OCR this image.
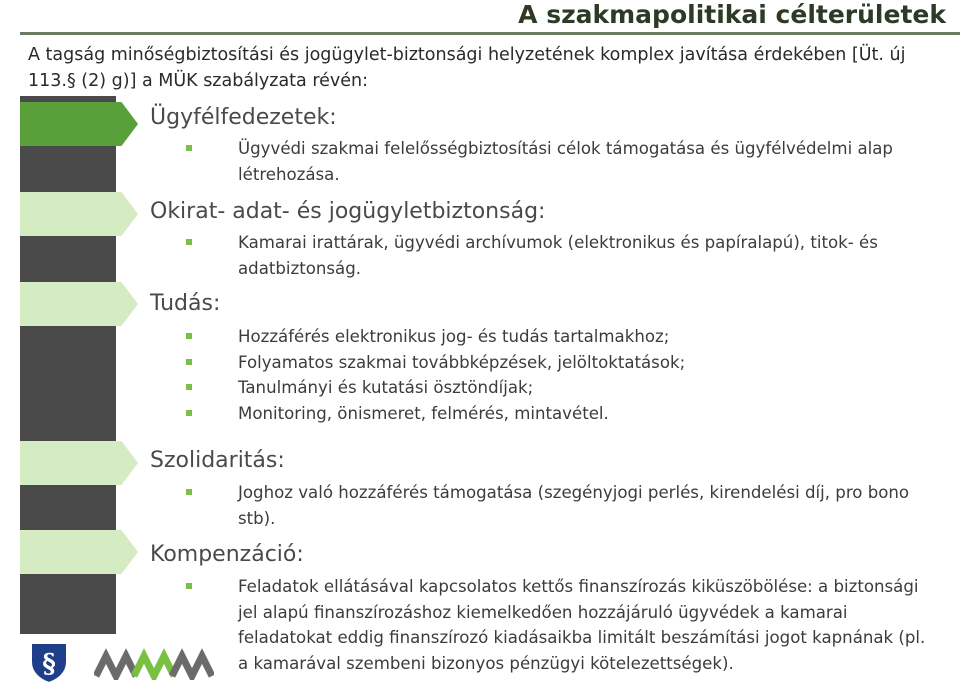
A szakmapolitikai célterületek
A tagság minőségbiztosítási és jogügylet-biztonsági helyzetének komplex javítása érdekében [Üt. új 113.§ (2) g)] a MÜK szabályzata révén:
Ügyfélfedezetek:
Ügyvédi szakmai felelősségbiztosítási célok támogatása és ügyfélvédelmi alap létrehozása.
Okirat- adat- és jogügyletbiztonság:
Kamarai irattárak, ügyvédi archívumok (elektronikus és papíralapú), titok- és adatbiztonság.
Tudás:
Hozzáférés elektronikus jog- és tudás tartalmakhoz;
Folyamatos szakmai továbbképzések, jelöltoktatások;
Tanulmányi és kutatási ösztöndíjak;
Monitoring, önismeret, felmérés, mintavétel.
Szolidaritás:
Joghoz való hozzáférés támogatása (szegényjogi perlés, kirendelési díj, pro bono stb).
Kompenzáció:
Feladatok ellátásával kapcsolatos kettős finanszírozás kiküszöbölése: a biztonsági jel alapú finanszírozáshoz kiemelkedően hozzájáruló ügyvédek a kamarai feladatokat eddig finanszírozó kiadásaikba limitált beszámítási jogot kapnának (pl. a kamarával szembeni bizonyos pénzügyi kötelezettségek).
§
